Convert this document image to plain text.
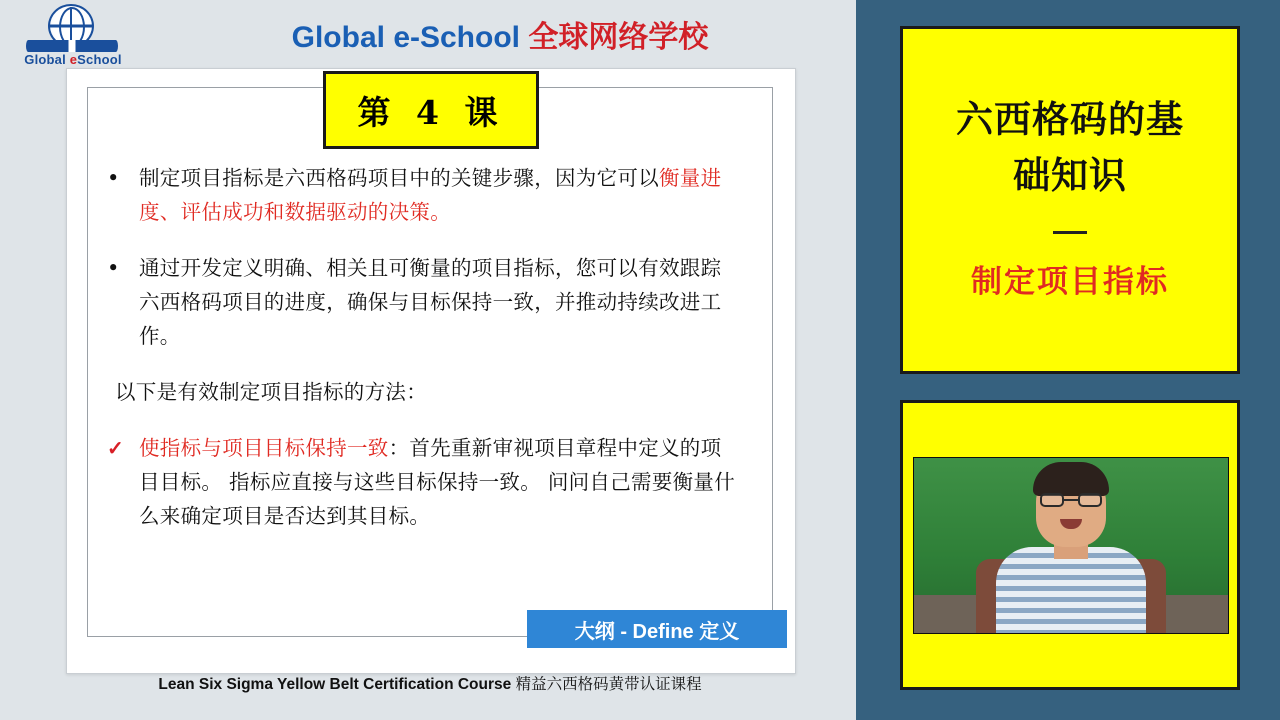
Global eSchool
Global e-School 全球网络学校
第 4 课
• 制定项目指标是六西格码项目中的关键步骤，因为它可以衡量进度、评估成功和数据驱动的决策。
• 通过开发定义明确、相关且可衡量的项目指标，您可以有效跟踪六西格码项目的进度，确保与目标保持一致，并推动持续改进工作。
以下是有效制定项目指标的方法：
✓ 使指标与项目目标保持一致：首先重新审视项目章程中定义的项目目标。 指标应直接与这些目标保持一致。 问问自己需要衡量什么来确定项目是否达到其目标。
大纲 - Define 定义
Lean Six Sigma Yellow Belt Certification Course 精益六西格码黄带认证课程
六西格码的基
础知识
制定项目指标
